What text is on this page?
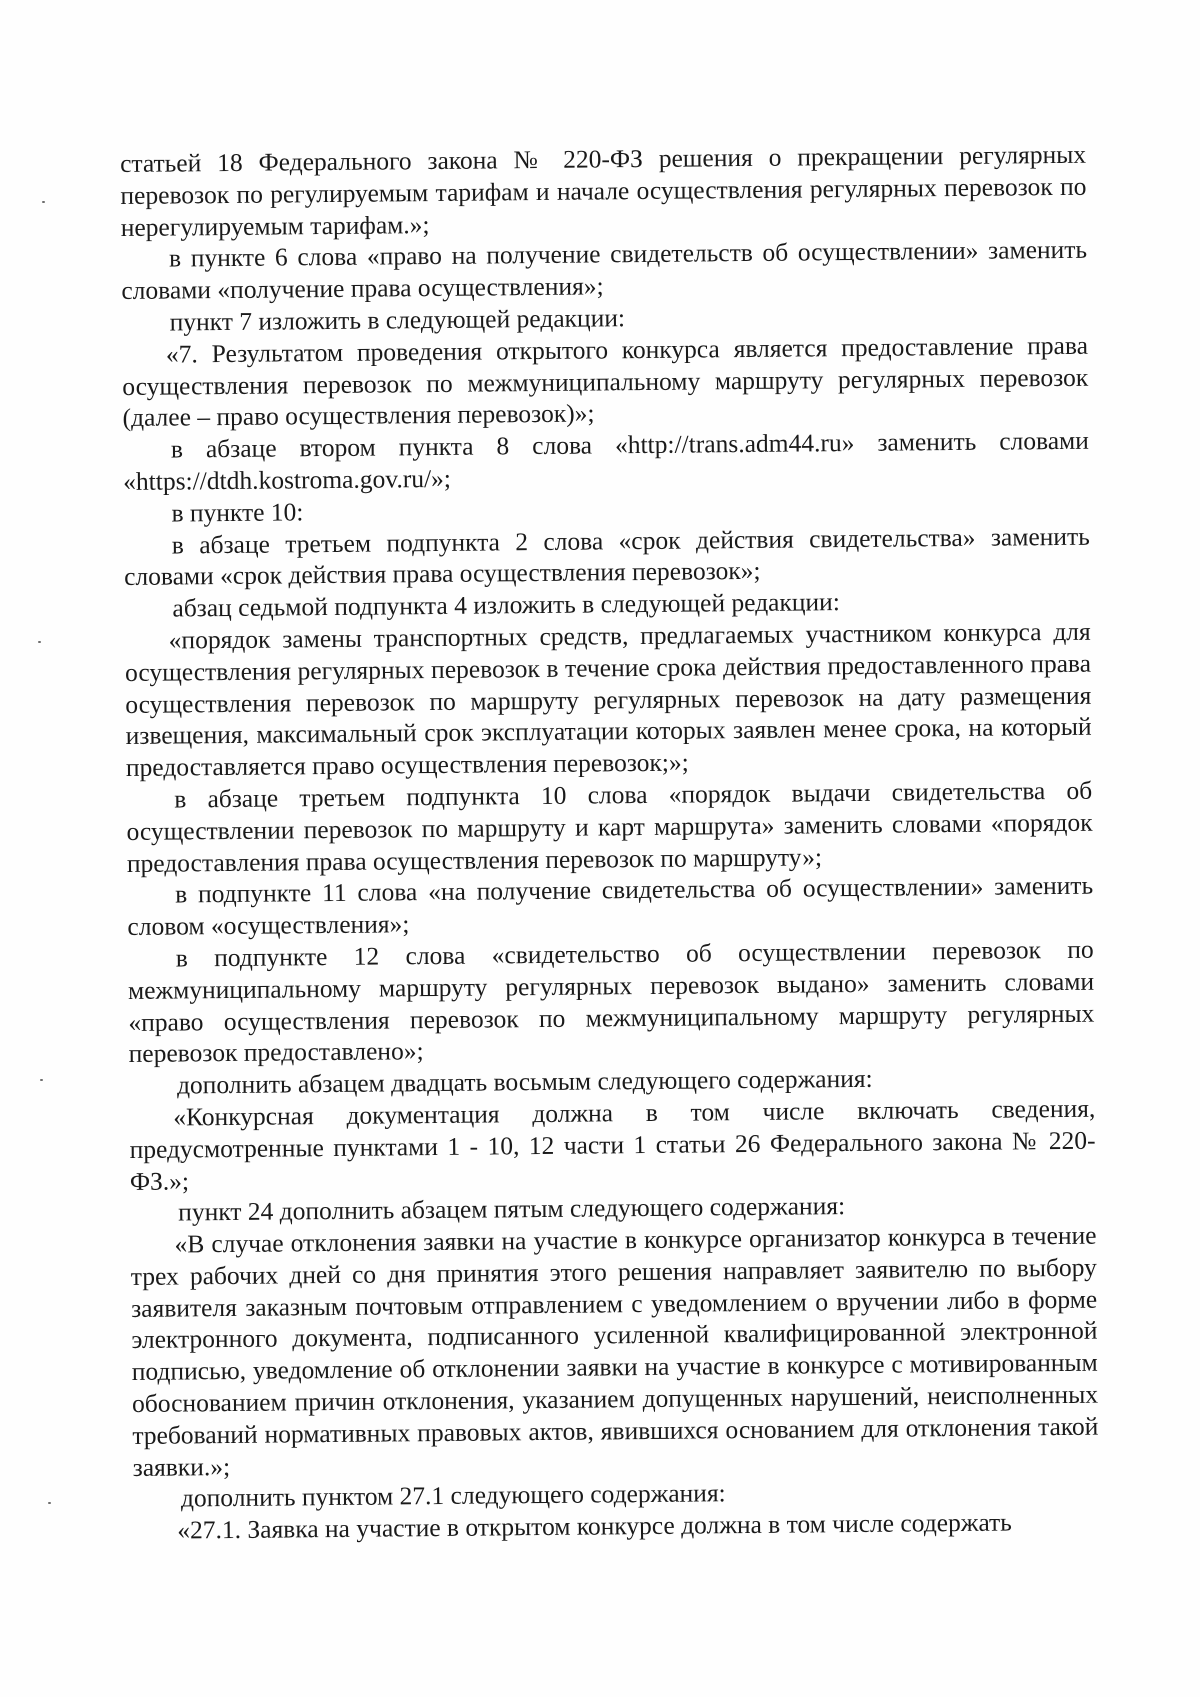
статьей 18 Федерального закона № 220-ФЗ решения о прекращении регулярных перевозок по регулируемым тарифам и начале осуществления регулярных перевозок по нерегулируемым тарифам.»;

в пункте 6 слова «право на получение свидетельств об осуществлении» заменить словами «получение права осуществления»;

пункт 7 изложить в следующей редакции:

«7. Результатом проведения открытого конкурса является предоставление права осуществления перевозок по межмуниципальному маршруту регулярных перевозок (далее – право осуществления перевозок)»;

в абзаце втором пункта 8 слова «http://trans.adm44.ru» заменить словами «https://dtdh.kostroma.gov.ru/»;

в пункте 10:

в абзаце третьем подпункта 2 слова «срок действия свидетельства» заменить словами «срок действия права осуществления перевозок»;

абзац седьмой подпункта 4 изложить в следующей редакции:

«порядок замены транспортных средств, предлагаемых участником конкурса для осуществления регулярных перевозок в течение срока действия предоставленного права осуществления перевозок по маршруту регулярных перевозок на дату размещения извещения, максимальный срок эксплуатации которых заявлен менее срока, на который предоставляется право осуществления перевозок;»;

в абзаце третьем подпункта 10 слова «порядок выдачи свидетельства об осуществлении перевозок по маршруту и карт маршрута» заменить словами «порядок предоставления права осуществления перевозок по маршруту»;

в подпункте 11 слова «на получение свидетельства об осуществлении» заменить словом «осуществления»;

в подпункте 12 слова «свидетельство об осуществлении перевозок по межмуниципальному маршруту регулярных перевозок выдано» заменить словами «право осуществления перевозок по межмуниципальному маршруту регулярных перевозок предоставлено»;

дополнить абзацем двадцать восьмым следующего содержания:

«Конкурсная документация должна в том числе включать сведения, предусмотренные пунктами 1 - 10, 12 части 1 статьи 26 Федерального закона № 220-ФЗ.»;

пункт 24 дополнить абзацем пятым следующего содержания:

«В случае отклонения заявки на участие в конкурсе организатор конкурса в течение трех рабочих дней со дня принятия этого решения направляет заявителю по выбору заявителя заказным почтовым отправлением с уведомлением о вручении либо в форме электронного документа, подписанного усиленной квалифицированной электронной подписью, уведомление об отклонении заявки на участие в конкурсе с мотивированным обоснованием причин отклонения, указанием допущенных нарушений, неисполненных требований нормативных правовых актов, явившихся основанием для отклонения такой заявки.»;

дополнить пунктом 27.1 следующего содержания:

«27.1. Заявка на участие в открытом конкурсе должна в том числе содержать
